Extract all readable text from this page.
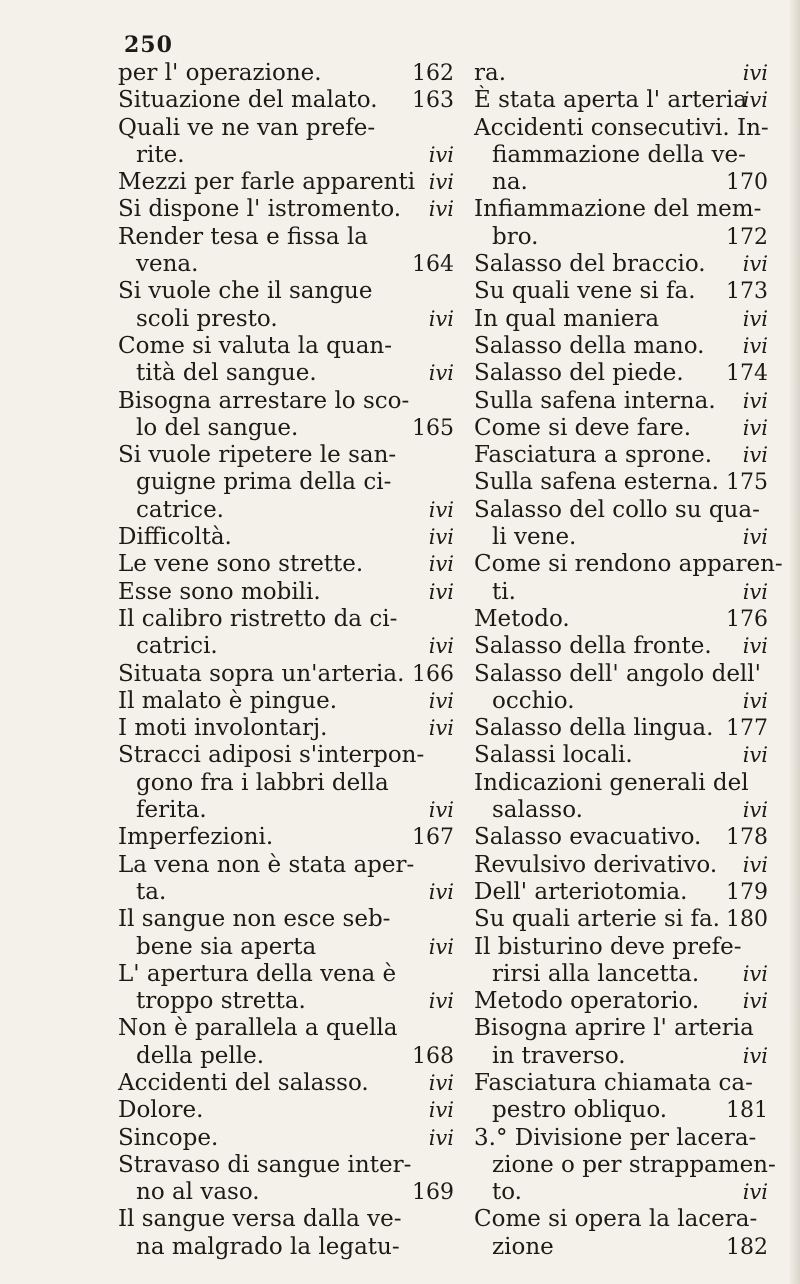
250
per l' operazione.	162
Situazione del malato.	163
Quali ve ne van prefe-
rite.	ivi
Mezzi per farle apparenti ivi
Si dispone l' istromento. ivi
Render tesa e fissa la
vena.	164
Si vuole che il sangue
scoli presto.	ivi
Come si valuta la quan-
tità del sangue.	ivi
Bisogna arrestare lo sco-
lo del sangue.	165
Si vuole ripetere le san-
guigne prima della ci-
catrice.	ivi
Difficoltà.	ivi
Le vene sono strette.	ivi
Esse sono mobili.	ivi
Il calibro ristretto da ci-
catrici.	ivi
Situata sopra un'arteria. 166
Il malato è pingue.	ivi
I moti involontarj.	ivi
Stracci adiposi s'interpon-
gono fra i labbri della
ferita.	ivi
Imperfezioni.	167
La vena non è stata aper-
ta.	ivi
Il sangue non esce seb-
bene sia aperta	ivi
L' apertura della vena è
troppo stretta.	ivi
Non è parallela a quella
della pelle.	168
Accidenti del salasso.	ivi
Dolore.	ivi
Sincope.	ivi
Stravaso di sangue inter-
no al vaso.	169
Il sangue versa dalla ve-
na malgrado la legatu-
ra.	ivi
È stata aperta l' arteria
ivi
Accidenti consecutivi. In-
fiammazione della ve-
na.	170
Infiammazione del mem-
bro.	172
Salasso del braccio.	ivi
Su quali vene si fa.	173
In qual maniera	ivi
Salasso della mano.	ivi
Salasso del piede.	174
Sulla safena interna. ivi
Come si deve fare.	ivi
Fasciatura a sprone. ivi
Sulla safena esterna. 175
Salasso del collo su qua-
li vene.	ivi
Come si rendono apparen-
ti.	ivi
Metodo.	176
Salasso della fronte. ivi
Salasso dell' angolo dell'
occhio.	ivi
Salasso della lingua. 177
Salassi locali.	ivi
Indicazioni generali del
salasso.	ivi
Salasso evacuativo.	178
Revulsivo derivativo. ivi
Dell' arteriotomia.	179
Su quali arterie si fa. 180
Il bisturino deve prefe-
rirsi alla lancetta.	ivi
Metodo operatorio.	ivi
Bisogna aprire l' arteria
in traverso.	ivi
Fasciatura chiamata ca-
pestro obliquo.	181
3.° Divisione per lacera-
zione o per strappamen-
to.	ivi
Come si opera la lacera-
zione	182
